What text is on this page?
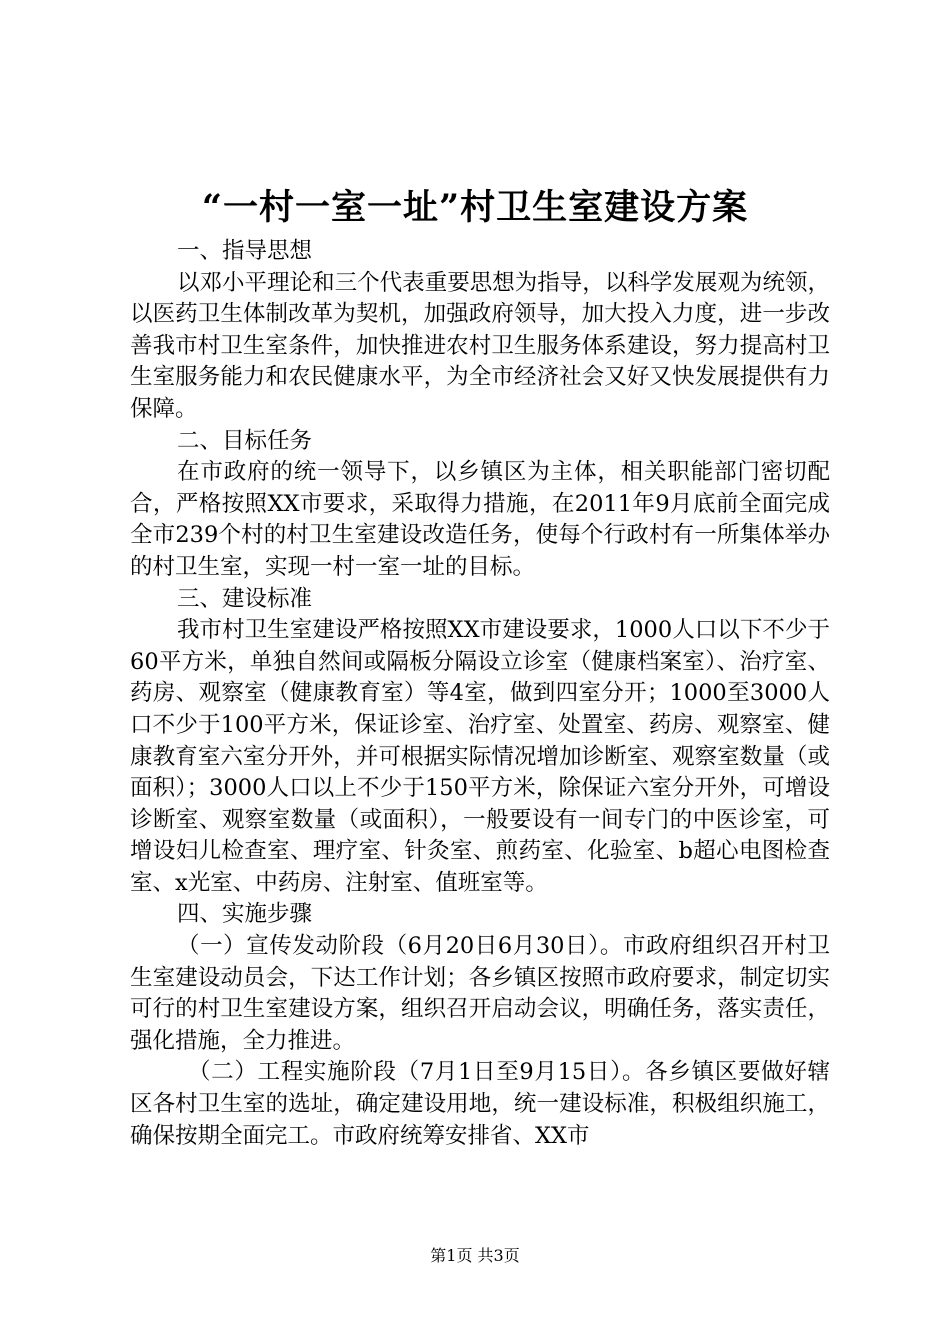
“一村一室一址”村卫生室建设方案

一、指导思想

以邓小平理论和三个代表重要思想为指导，以科学发展观为统领，以医药卫生体制改革为契机，加强政府领导，加大投入力度，进一步改善我市村卫生室条件，加快推进农村卫生服务体系建设，努力提高村卫生室服务能力和农民健康水平，为全市经济社会又好又快发展提供有力保障。

二、目标任务

在市政府的统一领导下，以乡镇区为主体，相关职能部门密切配合，严格按照XX市要求，采取得力措施，在2011年9月底前全面完成全市239个村的村卫生室建设改造任务，使每个行政村有一所集体举办的村卫生室，实现一村一室一址的目标。

三、建设标准

我市村卫生室建设严格按照XX市建设要求，1000人口以下不少于60平方米，单独自然间或隔板分隔设立诊室（健康档案室）、治疗室、药房、观察室（健康教育室）等4室，做到四室分开；1000至3000人口不少于100平方米，保证诊室、治疗室、处置室、药房、观察室、健康教育室六室分开外，并可根据实际情况增加诊断室、观察室数量（或面积）；3000人口以上不少于150平方米，除保证六室分开外，可增设诊断室、观察室数量（或面积），一般要设有一间专门的中医诊室，可增设妇儿检查室、理疗室、针灸室、煎药室、化验室、b超心电图检查室、x光室、中药房、注射室、值班室等。

四、实施步骤

（一）宣传发动阶段（6月20日6月30日）。市政府组织召开村卫生室建设动员会，下达工作计划；各乡镇区按照市政府要求，制定切实可行的村卫生室建设方案，组织召开启动会议，明确任务，落实责任，强化措施，全力推进。

（二）工程实施阶段（7月1日至9月15日）。各乡镇区要做好辖区各村卫生室的选址，确定建设用地，统一建设标准，积极组织施工，确保按期全面完工。市政府统筹安排省、XX市

第1页 共3页
